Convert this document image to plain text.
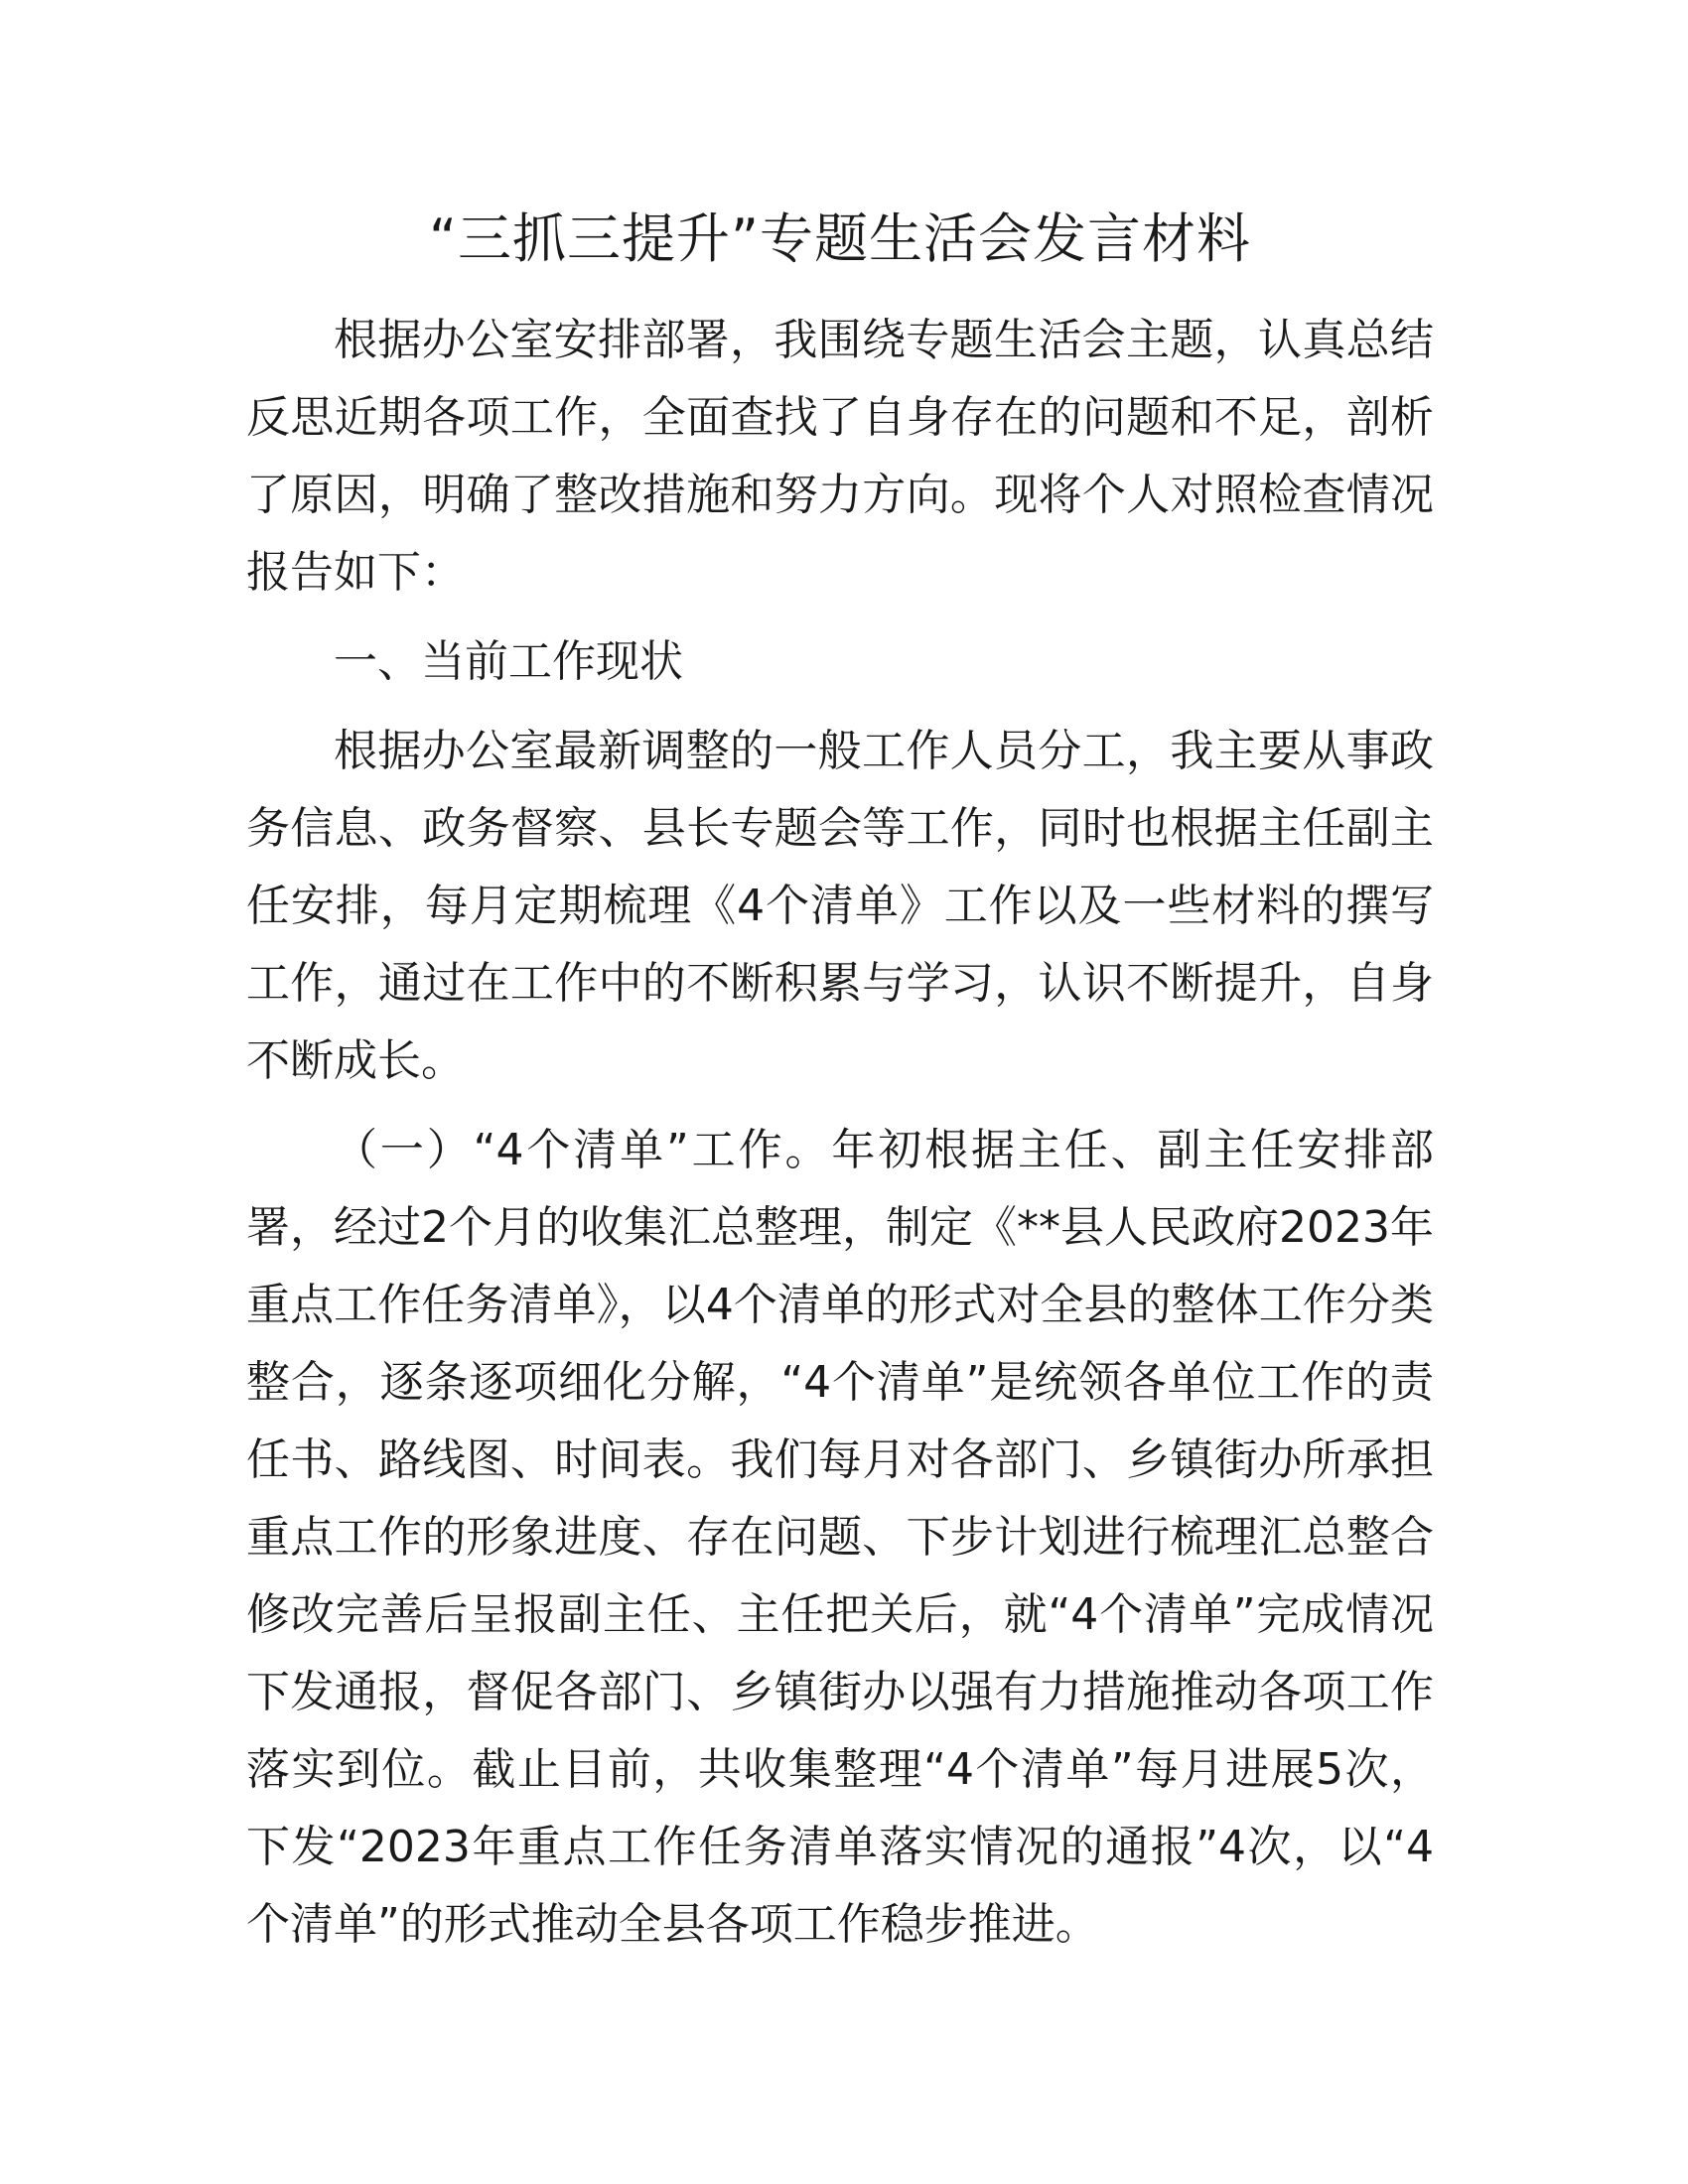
“三抓三提升”专题生活会发言材料

根据办公室安排部署，我围绕专题生活会主题，认真总结反思近期各项工作，全面查找了自身存在的问题和不足，剖析了原因，明确了整改措施和努力方向。现将个人对照检查情况报告如下：

一、当前工作现状

根据办公室最新调整的一般工作人员分工，我主要从事政务信息、政务督察、县长专题会等工作，同时也根据主任副主任安排，每月定期梳理《4个清单》工作以及一些材料的撰写工作，通过在工作中的不断积累与学习，认识不断提升，自身不断成长。

（一）“4个清单”工作。年初根据主任、副主任安排部署，经过2个月的收集汇总整理，制定《**县人民政府2023年重点工作任务清单》，以4个清单的形式对全县的整体工作分类整合，逐条逐项细化分解，“4个清单”是统领各单位工作的责任书、路线图、时间表。我们每月对各部门、乡镇街办所承担重点工作的形象进度、存在问题、下步计划进行梳理汇总整合修改完善后呈报副主任、主任把关后，就“4个清单”完成情况下发通报，督促各部门、乡镇街办以强有力措施推动各项工作落实到位。截止目前，共收集整理“4个清单”每月进展5次，下发“2023年重点工作任务清单落实情况的通报”4次，以“4个清单”的形式推动全县各项工作稳步推进。
